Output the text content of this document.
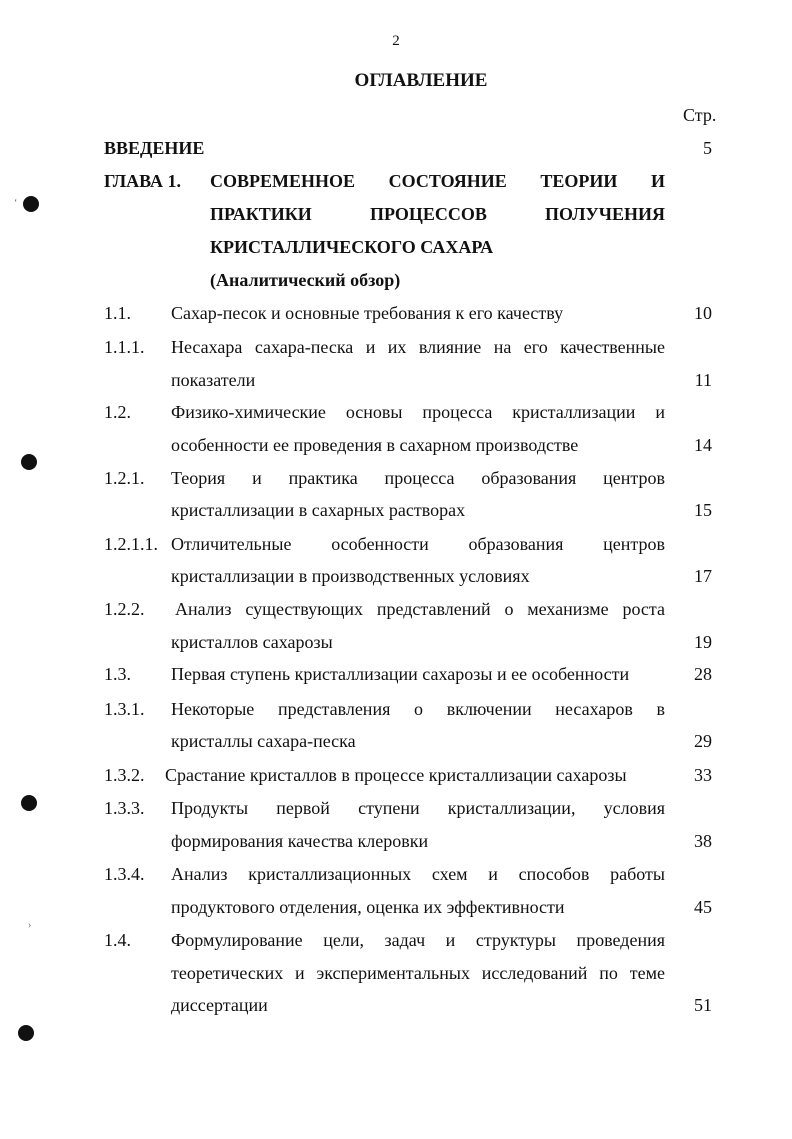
2
ОГЛАВЛЕНИЕ
Стр.
ВВЕДЕНИЕ	5
ГЛАВА 1. СОВРЕМЕННОЕ СОСТОЯНИЕ ТЕОРИИ И
ПРАКТИКИ	ПРОЦЕССОВ	ПОЛУЧЕНИЯ
КРИСТАЛЛИЧЕСКОГО САХАРА
(Аналитический обзор)
1.1. Сахар-песок и основные требования к его качеству	10
1.1.1. Несахара сахара-песка и их влияние на его качественные
показатели	11
1.2. Физико-химические основы процесса кристаллизации и
особенности ее проведения в сахарном производстве	14
1.2.1. Теория и практика процесса образования центров
кристаллизации в сахарных растворах	15
1.2.1.1. Отличительные особенности образования центров
кристаллизации в производственных условиях	17
1.2.2. Анализ существующих представлений о механизме роста
кристаллов сахарозы	19
1.3. Первая ступень кристаллизации сахарозы и ее особенности	28
1.3.1. Некоторые представления о включении несахаров в
кристаллы сахара-песка	29
1.3.2. Срастание кристаллов в процессе кристаллизации сахарозы	33
1.3.3. Продукты первой ступени кристаллизации, условия
формирования качества клеровки	38
1.3.4. Анализ кристаллизационных схем и способов работы
продуктового отделения, оценка их эффективности	45
1.4. Формулирование цели, задач и структуры проведения
теоретических и экспериментальных исследований по теме
диссертации	51
‘
›
